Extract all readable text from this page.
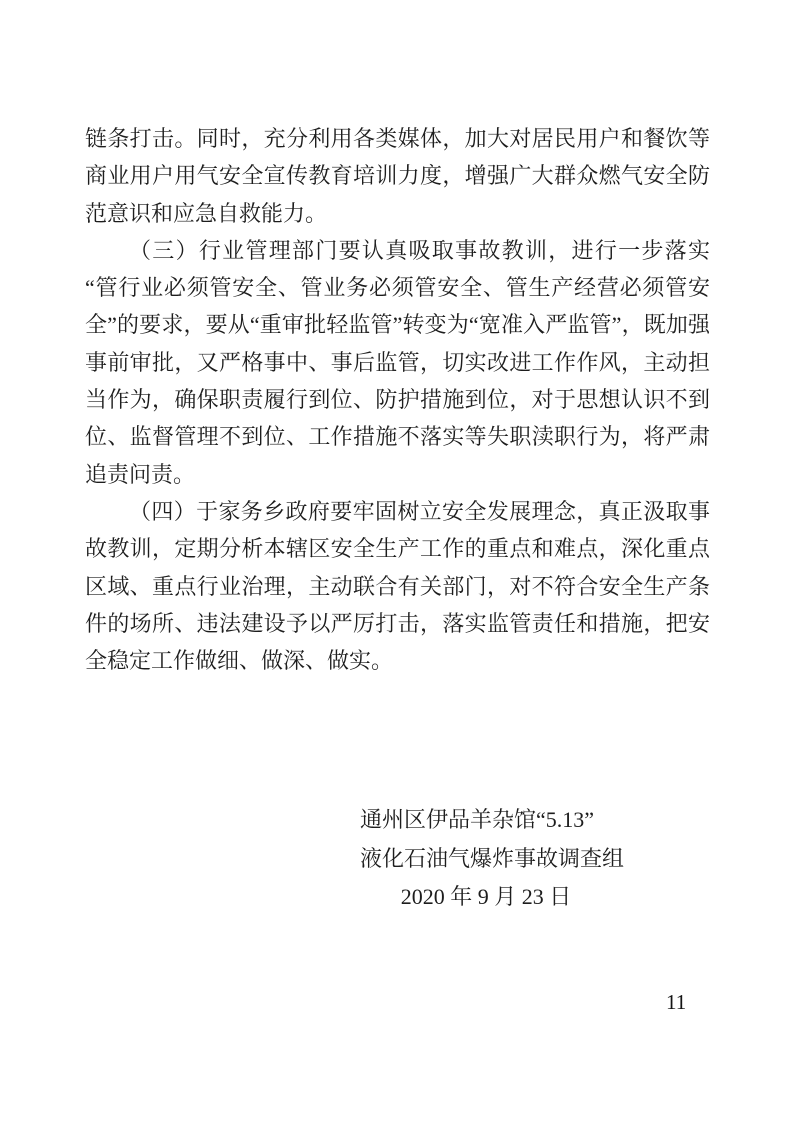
链条打击。同时，充分利用各类媒体，加大对居民用户和餐饮等商业用户用气安全宣传教育培训力度，增强广大群众燃气安全防范意识和应急自救能力。

（三）行业管理部门要认真吸取事故教训，进行一步落实“管行业必须管安全、管业务必须管安全、管生产经营必须管安全”的要求，要从“重审批轻监管”转变为“宽准入严监管”，既加强事前审批，又严格事中、事后监管，切实改进工作作风，主动担当作为，确保职责履行到位、防护措施到位，对于思想认识不到位、监督管理不到位、工作措施不落实等失职渎职行为，将严肃追责问责。

（四）于家务乡政府要牢固树立安全发展理念，真正汲取事故教训，定期分析本辖区安全生产工作的重点和难点，深化重点区域、重点行业治理，主动联合有关部门，对不符合安全生产条件的场所、违法建设予以严厉打击，落实监管责任和措施，把安全稳定工作做细、做深、做实。

通州区伊品羊杂馆“5.13”
液化石油气爆炸事故调查组
2020 年 9 月 23 日
11
